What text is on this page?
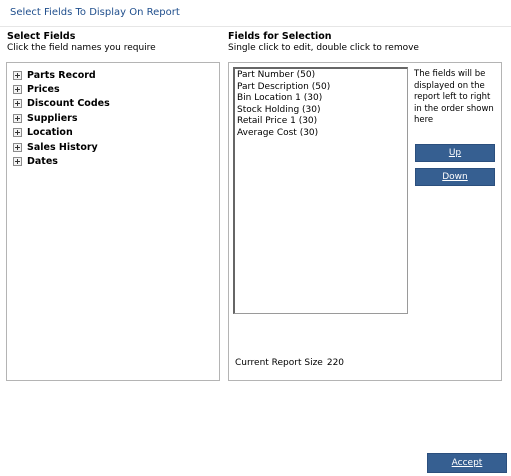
Select Fields To Display On Report
Select Fields
Click the field names you require
Fields for Selection
Single click to edit, double click to remove
Parts Record
Prices
Discount Codes
Suppliers
Location
Sales History
Dates
Part Number (50)
Part Description (50)
Bin Location 1 (30)
Stock Holding (30)
Retail Price 1 (30)
Average Cost (30)
The fields will be displayed on the report left to right in the order shown here
Up
Down
Current Report Size 220
Accept
